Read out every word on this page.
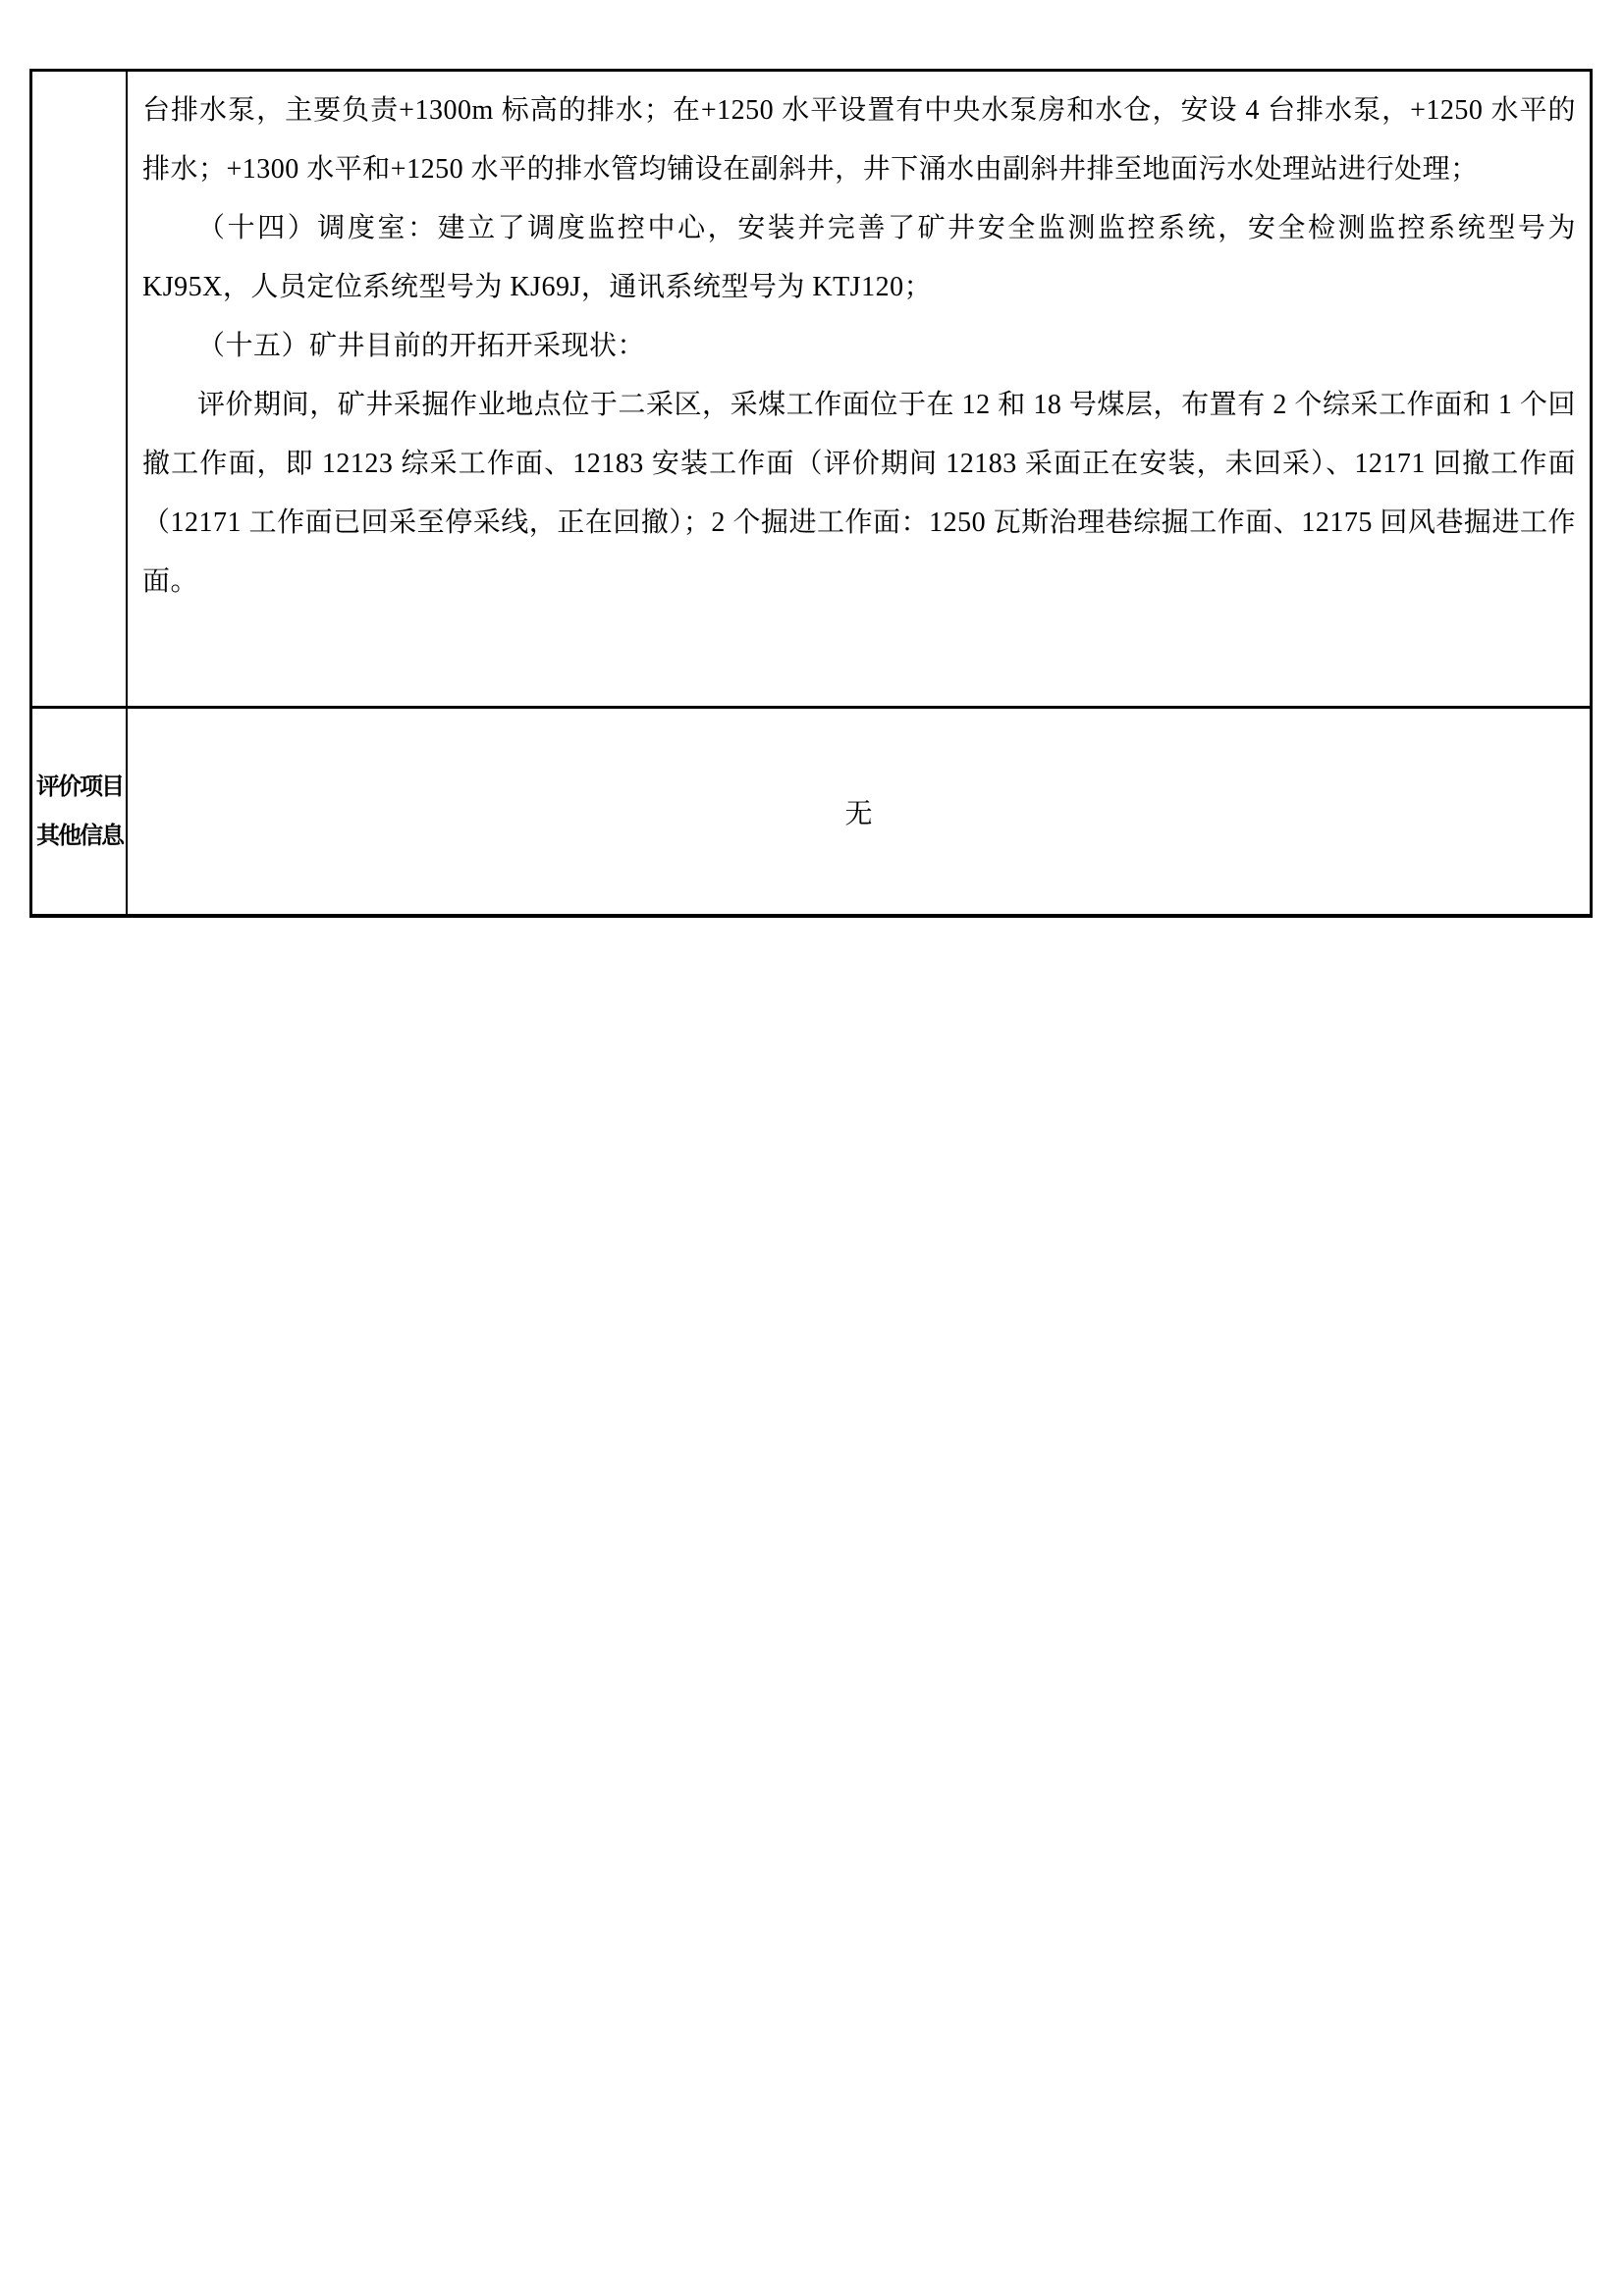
台排水泵，主要负责+1300m 标高的排水；在+1250 水平设置有中央水泵房和水仓，安设 4 台排水泵，+1250 水平的排水；+1300 水平和+1250 水平的排水管均铺设在副斜井，井下涌水由副斜井排至地面污水处理站进行处理；

（十四）调度室：建立了调度监控中心，安装并完善了矿井安全监测监控系统，安全检测监控系统型号为 KJ95X，人员定位系统型号为 KJ69J，通讯系统型号为 KTJ120；

（十五）矿井目前的开拓开采现状：

评价期间，矿井采掘作业地点位于二采区，采煤工作面位于在 12 和 18 号煤层，布置有 2 个综采工作面和 1 个回撤工作面，即 12123 综采工作面、12183 安装工作面（评价期间 12183 采面正在安装，未回采）、12171 回撤工作面（12171 工作面已回采至停采线，正在回撤）；2 个掘进工作面：1250 瓦斯治理巷综掘工作面、12175 回风巷掘进工作面。

评价项目
其他信息
无
